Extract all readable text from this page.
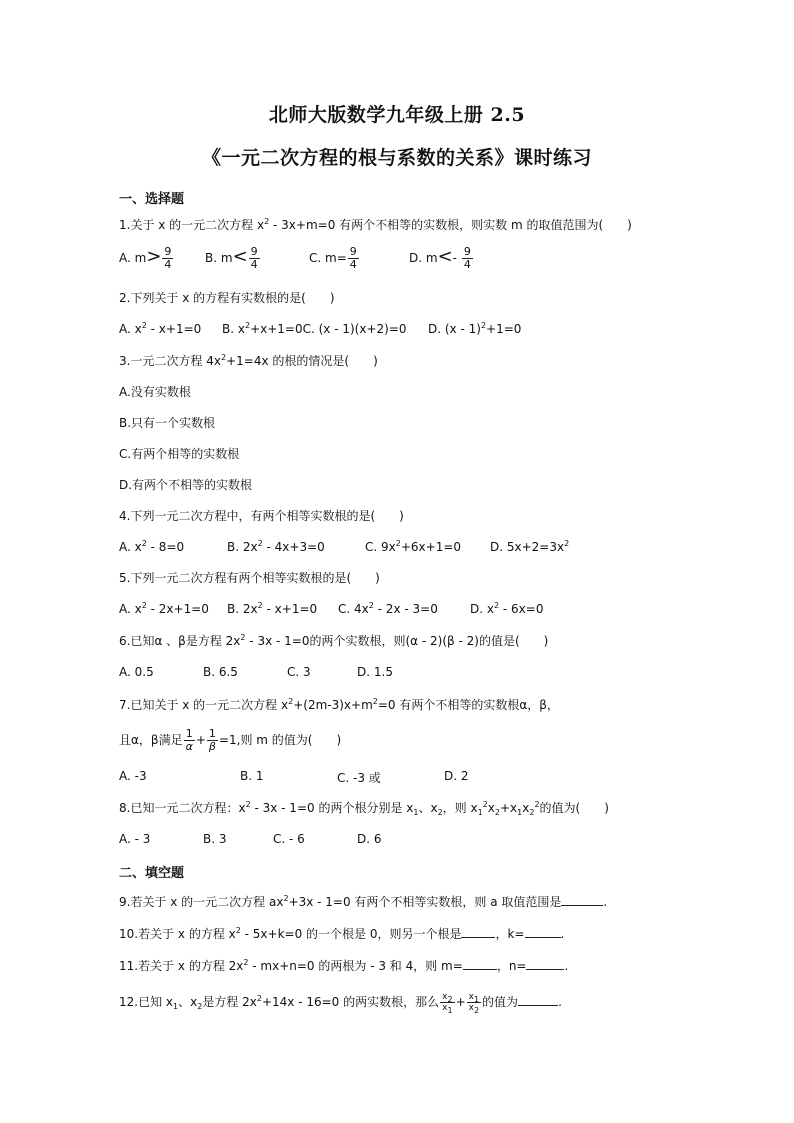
北师大版数学九年级上册 2.5
《一元二次方程的根与系数的关系》课时练习
一、选择题
1.关于 x 的一元二次方程 $x^2 - 3x+m=0$ 有两个不相等的实数根，则实数 m 的取值范围为(　　)
A. $m> \frac{9}{4}$	B. $m< \frac{9}{4}$	C. $m= \frac{9}{4}$	D. $m<- \frac{9}{4}$
2.下列关于 x 的方程有实数根的是(　　)
A. $x^2 - x+1=0$ B. $x^2+x+1=0C$. (x - 1)(x+2)=0 D. (x - 1)$^2$+1=0
3.一元二次方程 $4x^2+1=4x$ 的根的情况是(　　)
A.没有实数根
B.只有一个实数根
C.有两个相等的实数根
D.有两个不相等的实数根
4.下列一元二次方程中，有两个相等实数根的是(　　)
A. $x^2 - 8=0$	B. $2x^2 - 4x+3=0$	C. $9x^2+6x+1=0$ D. $5x+2=3x^2$
5.下列一元二次方程有两个相等实数根的是(　　)
A. $x^2 - 2x+1=0$ B. $2x^2 - x+1=0$ C. $4x^2 - 2x - 3=0$	D. $x^2 - 6x=0$
6.已知α 、β是方程 $2x^2 - 3x - 1=0$的两个实数根，则(α - 2)(β - 2)的值是(　　)
A. 0.5	B. 6.5	C. 3	D. 1.5
7.已知关于 x 的一元二次方程 $x^2+(2m-3)x+m^2=0$ 有两个不相等的实数根α，β，
且α，β满足 $\frac{1}{\alpha} + \frac{1}{\beta} =1$,则 m 的值为(　　)
A. -3	B. 1	C. -3 或	D. 2
8.已知一元二次方程：$x^2 - 3x - 1=0$ 的两个根分别是 $x_1$、$x_2$，则 $x_1^2x_2+x_1x_2^2$的值为(　　)
A. - 3	B. 3	C. - 6	D. 6
二、填空题
9.若关于 x 的一元二次方程 $ax^2+3x - 1=0$ 有两个不相等实数根，则 a 取值范围是	.
10.若关于 x 的方程 $x^2 - 5x+k=0$ 的一个根是 0，则另一个根是	，k=	.
11.若关于 x 的方程 $2x^2 - mx+n=0$ 的两根为 - 3 和 4，则 m=	，n=	.
12.已知 $x_1$、$x_2$是方程 $2x^2+14x - 16=0$ 的两实数根，那么 $\frac{x_2}{x_1} + \frac{x_1}{x_2}$ 的值为	.
